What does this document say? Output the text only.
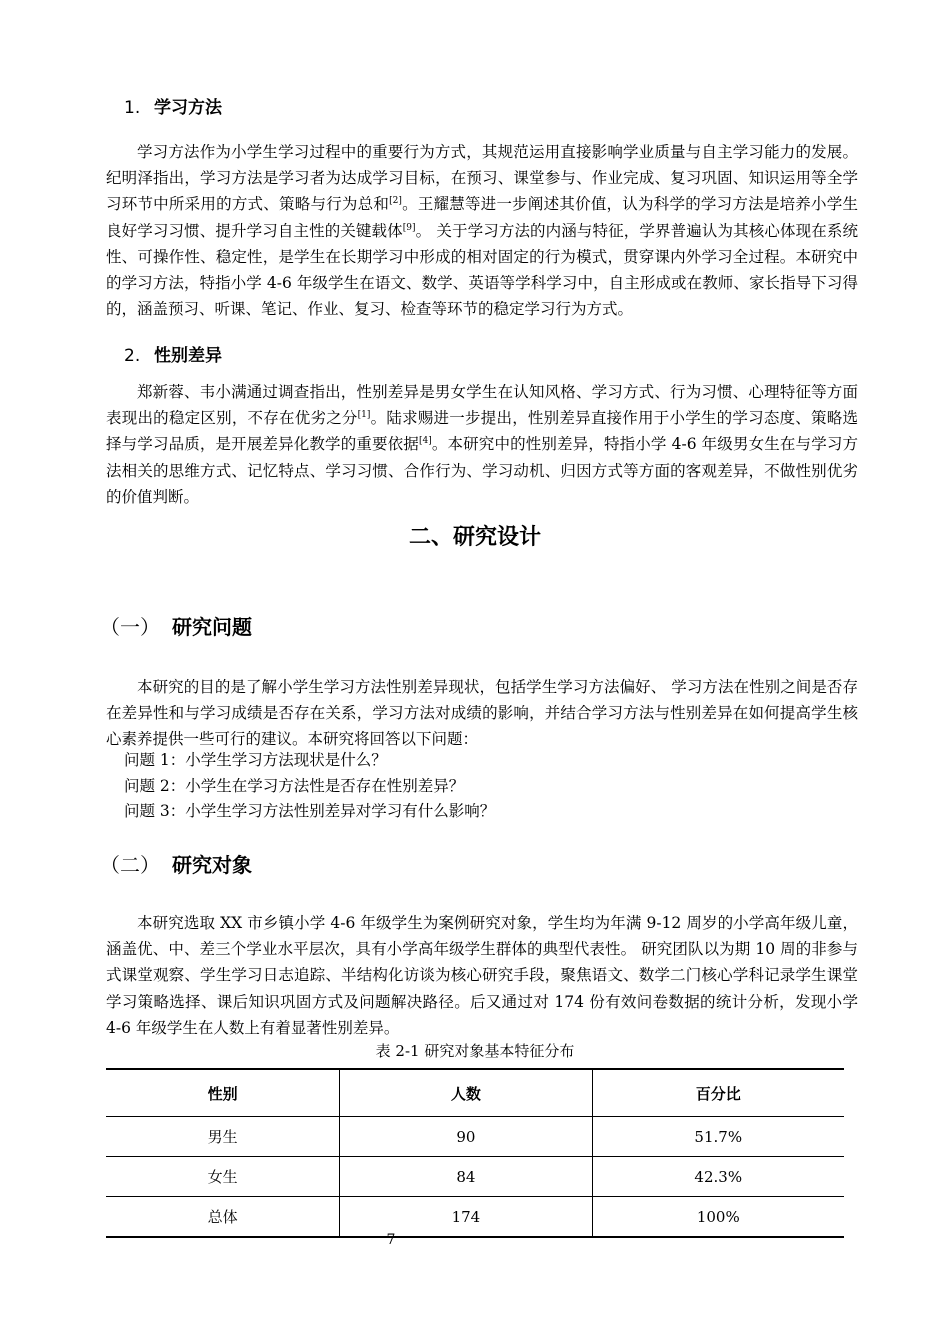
1. 学习方法
学习方法作为小学生学习过程中的重要行为方式，其规范运用直接影响学业质量与自主学习能力的发展。纪明泽指出，学习方法是学习者为达成学习目标，在预习、课堂参与、作业完成、复习巩固、知识运用等全学习环节中所采用的方式、策略与行为总和[2]。王耀慧等进一步阐述其价值，认为科学的学习方法是培养小学生良好学习习惯、提升学习自主性的关键载体[9]。 关于学习方法的内涵与特征，学界普遍认为其核心体现在系统性、可操作性、稳定性，是学生在长期学习中形成的相对固定的行为模式，贯穿课内外学习全过程。本研究中的学习方法，特指小学 4-6 年级学生在语文、数学、英语等学科学习中，自主形成或在教师、家长指导下习得的，涵盖预习、听课、笔记、作业、复习、检查等环节的稳定学习行为方式。
2. 性别差异
郑新蓉、韦小满通过调查指出，性别差异是男女学生在认知风格、学习方式、行为习惯、心理特征等方面表现出的稳定区别，不存在优劣之分[1]。陆求赐进一步提出，性别差异直接作用于小学生的学习态度、策略选择与学习品质，是开展差异化教学的重要依据[4]。本研究中的性别差异，特指小学 4-6 年级男女生在与学习方法相关的思维方式、记忆特点、学习习惯、合作行为、学习动机、归因方式等方面的客观差异，不做性别优劣的价值判断。
二、研究设计
（一） 研究问题
本研究的目的是了解小学生学习方法性别差异现状，包括学生学习方法偏好、 学习方法在性别之间是否存在差异性和与学习成绩是否存在关系，学习方法对成绩的影响，并结合学习方法与性别差异在如何提高学生核心素养提供一些可行的建议。本研究将回答以下问题：
问题 1：小学生学习方法现状是什么？
问题 2：小学生在学习方法性是否存在性别差异？
问题 3：小学生学习方法性别差异对学习有什么影响？
（二） 研究对象
本研究选取 XX 市乡镇小学 4-6 年级学生为案例研究对象，学生均为年满 9-12 周岁的小学高年级儿童，涵盖优、中、差三个学业水平层次，具有小学高年级学生群体的典型代表性。 研究团队以为期 10 周的非参与式课堂观察、学生学习日志追踪、半结构化访谈为核心研究手段，聚焦语文、数学二门核心学科记录学生课堂学习策略选择、课后知识巩固方式及问题解决路径。后又通过对 174 份有效问卷数据的统计分析，发现小学 4-6 年级学生在人数上有着显著性别差异。
表 2-1 研究对象基本特征分布
性别	人数	百分比
男生	90	51.7%
女生	84	42.3%
总体	174	100%
7
